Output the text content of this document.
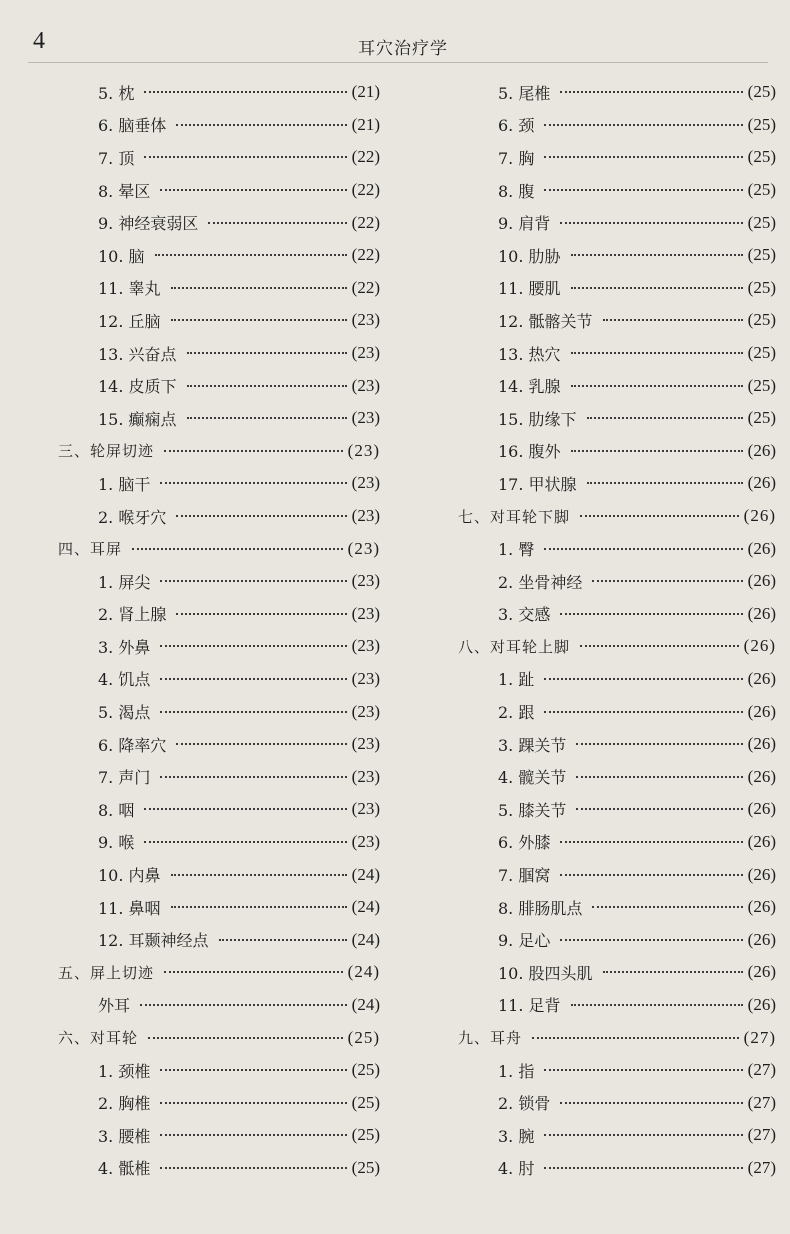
4	耳穴治疗学
5. 枕	(21)
6. 脑垂体	(21)
7. 顶	(22)
8. 晕区	(22)
9. 神经衰弱区	(22)
10. 脑	(22)
11. 睾丸	(22)
12. 丘脑	(23)
13. 兴奋点	(23)
14. 皮质下	(23)
15. 癫痫点	(23)
三、轮屏切迹	(23)
1. 脑干	(23)
2. 喉牙穴	(23)
四、耳屏	(23)
1. 屏尖	(23)
2. 肾上腺	(23)
3. 外鼻	(23)
4. 饥点	(23)
5. 渴点	(23)
6. 降率穴	(23)
7. 声门	(23)
8. 咽	(23)
9. 喉	(23)
10. 内鼻	(24)
11. 鼻咽	(24)
12. 耳颞神经点	(24)
五、屏上切迹	(24)
外耳	(24)
六、对耳轮	(25)
1. 颈椎	(25)
2. 胸椎	(25)
3. 腰椎	(25)
4. 骶椎	(25)
5. 尾椎	(25)
6. 颈	(25)
7. 胸	(25)
8. 腹	(25)
9. 肩背	(25)
10. 肋胁	(25)
11. 腰肌	(25)
12. 骶髂关节	(25)
13. 热穴	(25)
14. 乳腺	(25)
15. 肋缘下	(25)
16. 腹外	(26)
17. 甲状腺	(26)
七、对耳轮下脚	(26)
1. 臀	(26)
2. 坐骨神经	(26)
3. 交感	(26)
八、对耳轮上脚	(26)
1. 趾	(26)
2. 跟	(26)
3. 踝关节	(26)
4. 髋关节	(26)
5. 膝关节	(26)
6. 外膝	(26)
7. 腘窝	(26)
8. 腓肠肌点	(26)
9. 足心	(26)
10. 股四头肌	(26)
11. 足背	(26)
九、耳舟	(27)
1. 指	(27)
2. 锁骨	(27)
3. 腕	(27)
4. 肘	(27)
